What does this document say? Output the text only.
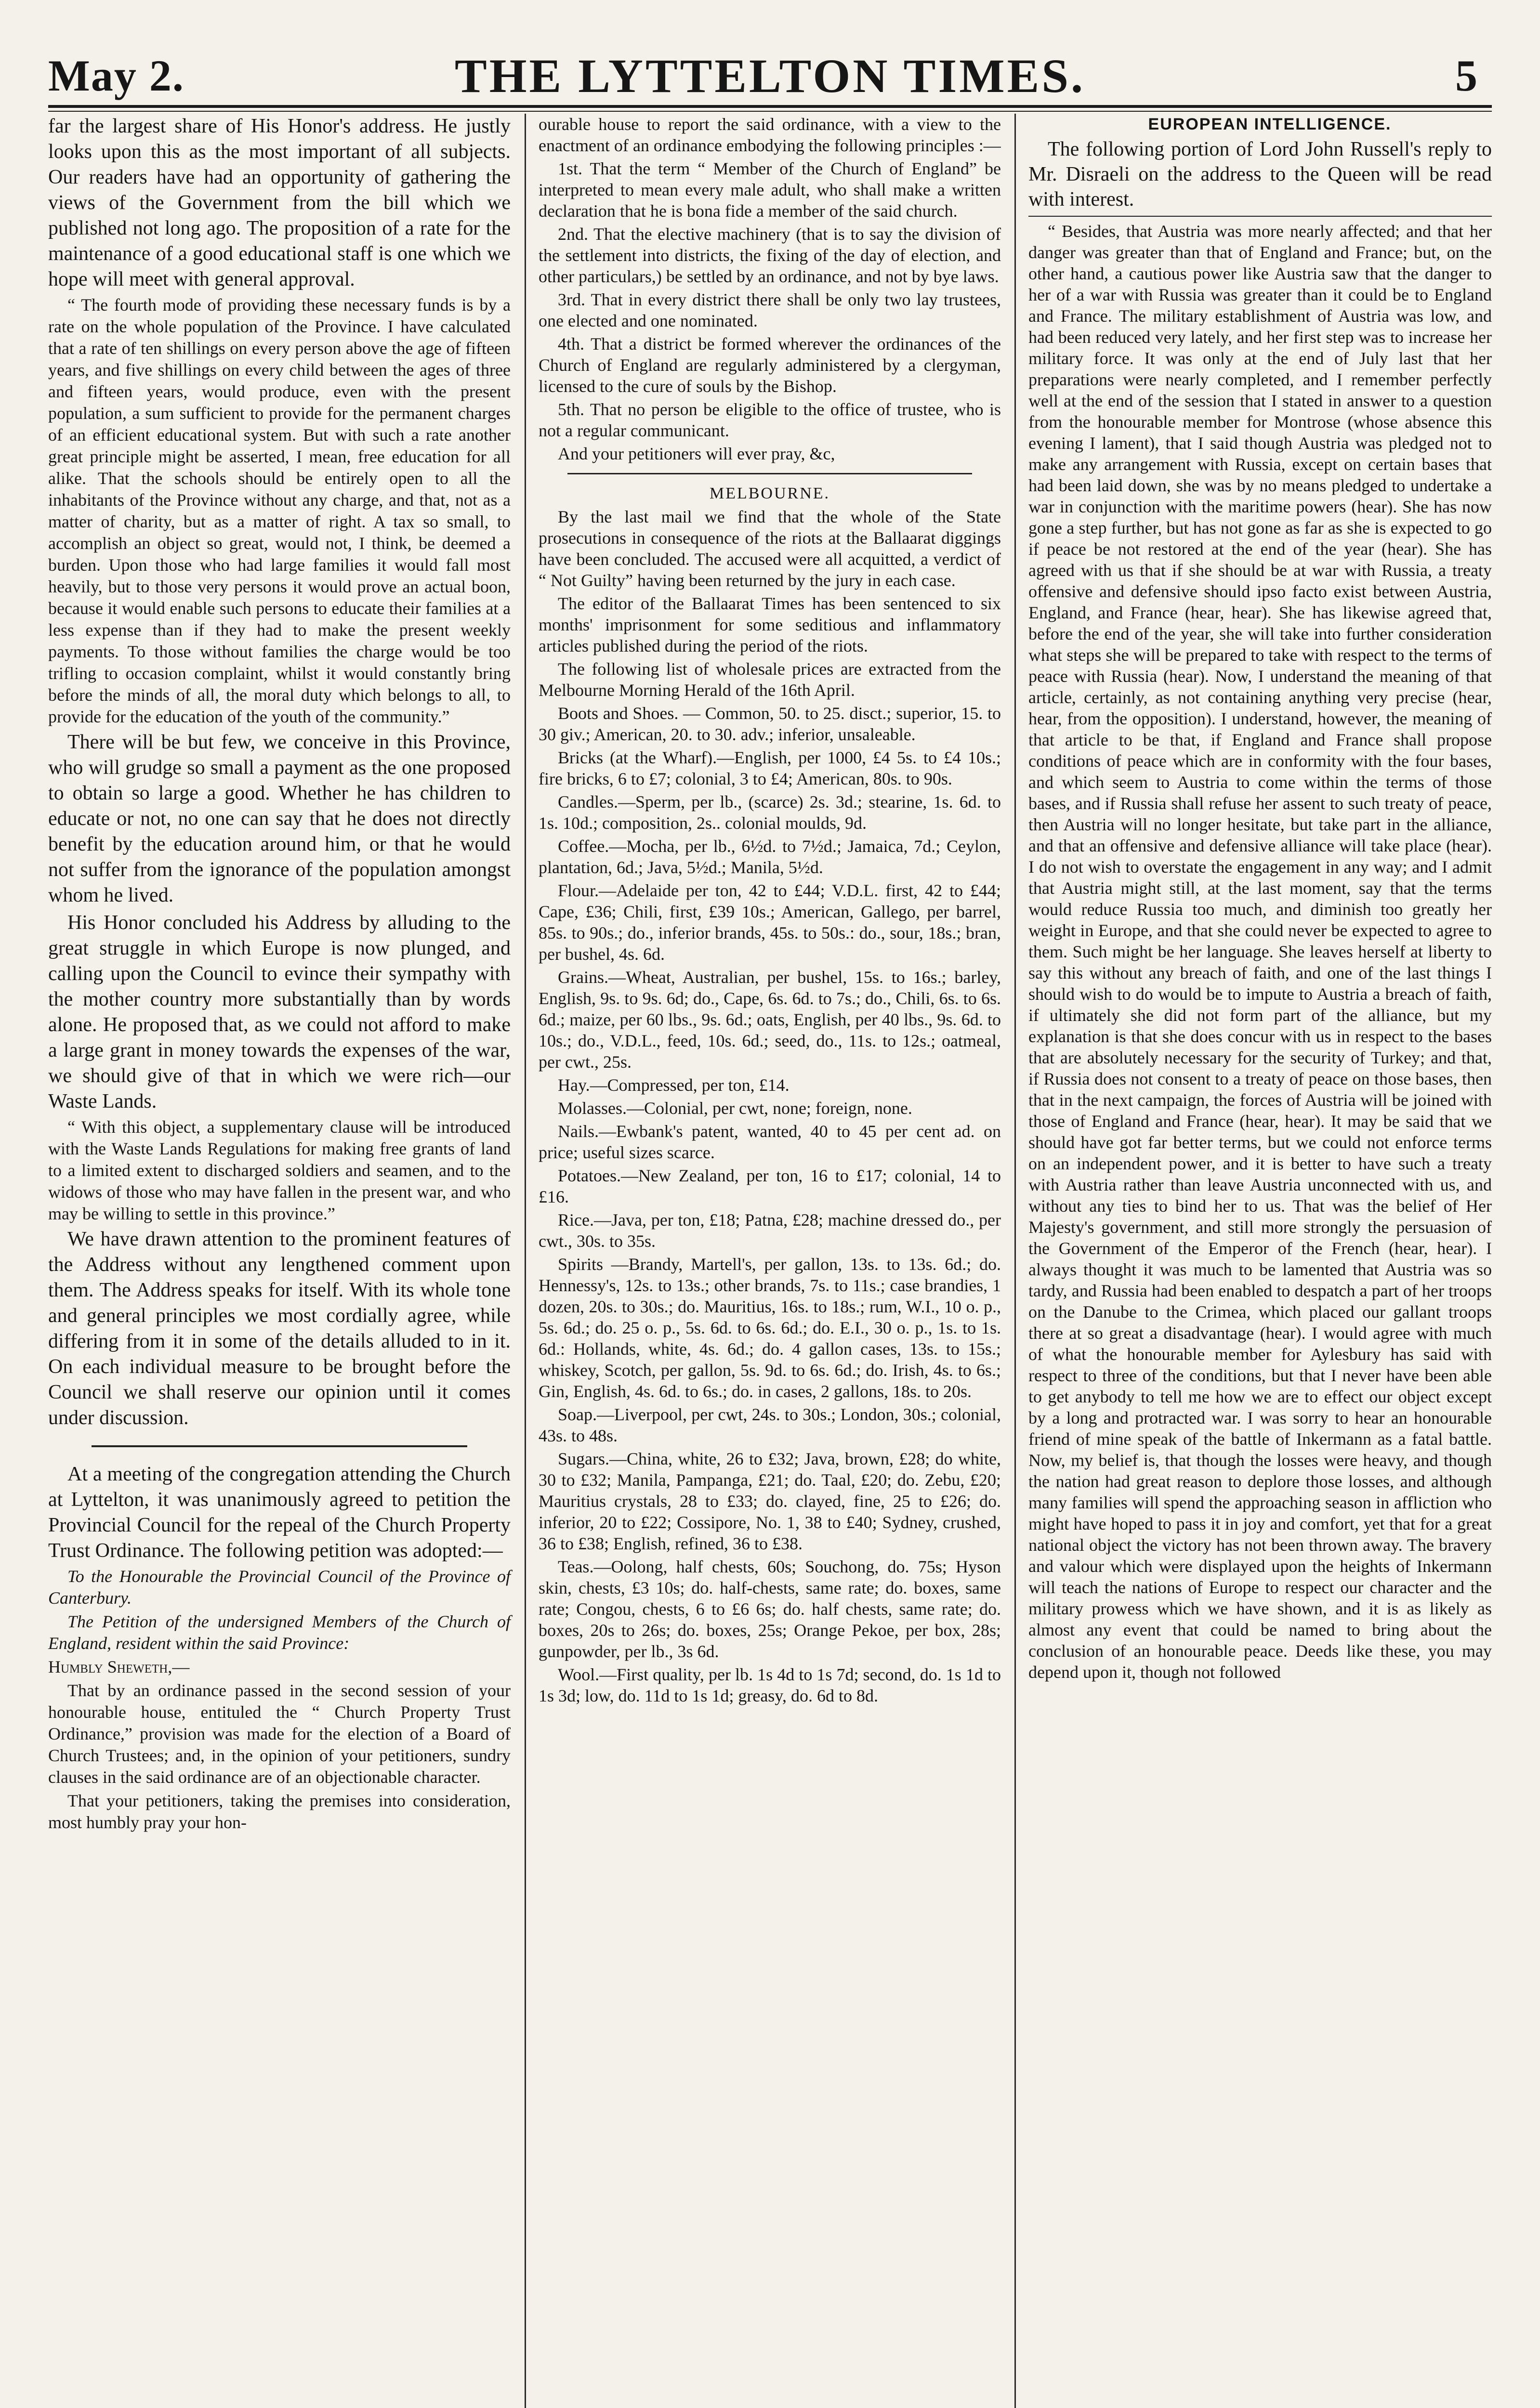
May 2.	THE LYTTELTON TIMES.	5

far the largest share of His Honor's address. He justly looks upon this as the most important of all subjects. Our readers have had an opportunity of gathering the views of the Government from the bill which we published not long ago. The proposition of a rate for the maintenance of a good educational staff is one which we hope will meet with general approval.

“ The fourth mode of providing these necessary funds is by a rate on the whole population of the Province. I have calculated that a rate of ten shillings on every person above the age of fifteen years, and five shillings on every child between the ages of three and fifteen years, would produce, even with the present population, a sum sufficient to provide for the permanent charges of an efficient educational system. But with such a rate another great principle might be asserted, I mean, free education for all alike. That the schools should be entirely open to all the inhabitants of the Province without any charge, and that, not as a matter of charity, but as a matter of right. A tax so small, to accomplish an object so great, would not, I think, be deemed a burden. Upon those who had large families it would fall most heavily, but to those very persons it would prove an actual boon, because it would enable such persons to educate their families at a less expense than if they had to make the present weekly payments. To those without families the charge would be too trifling to occasion complaint, whilst it would constantly bring before the minds of all, the moral duty which belongs to all, to provide for the education of the youth of the community.”

There will be but few, we conceive in this Province, who will grudge so small a payment as the one proposed to obtain so large a good. Whether he has children to educate or not, no one can say that he does not directly benefit by the education around him, or that he would not suffer from the ignorance of the population amongst whom he lived.

His Honor concluded his Address by alluding to the great struggle in which Europe is now plunged, and calling upon the Council to evince their sympathy with the mother country more substantially than by words alone. He proposed that, as we could not afford to make a large grant in money towards the expenses of the war, we should give of that in which we were rich—our Waste Lands.

“ With this object, a supplementary clause will be introduced with the Waste Lands Regulations for making free grants of land to a limited extent to discharged soldiers and seamen, and to the widows of those who may have fallen in the present war, and who may be willing to settle in this province.”

We have drawn attention to the prominent features of the Address without any lengthened comment upon them. The Address speaks for itself. With its whole tone and general principles we most cordially agree, while differing from it in some of the details alluded to in it. On each individual measure to be brought before the Council we shall reserve our opinion until it comes under discussion.

At a meeting of the congregation attending the Church at Lyttelton, it was unanimously agreed to petition the Provincial Council for the repeal of the Church Property Trust Ordinance. The following petition was adopted:—

To the Honourable the Provincial Council of the Province of Canterbury.

The Petition of the undersigned Members of the Church of England, resident within the said Province:

Humbly Sheweth,—

That by an ordinance passed in the second session of your honourable house, entituled the “ Church Property Trust Ordinance,” provision was made for the election of a Board of Church Trustees; and, in the opinion of your petitioners, sundry clauses in the said ordinance are of an objectionable character.

That your petitioners, taking the premises into consideration, most humbly pray your hon-

ourable house to report the said ordinance, with a view to the enactment of an ordinance embodying the following principles :—

1st. That the term “ Member of the Church of England” be interpreted to mean every male adult, who shall make a written declaration that he is bona fide a member of the said church.

2nd. That the elective machinery (that is to say the division of the settlement into districts, the fixing of the day of election, and other particulars,) be settled by an ordinance, and not by bye laws.

3rd. That in every district there shall be only two lay trustees, one elected and one nominated.

4th. That a district be formed wherever the ordinances of the Church of England are regularly administered by a clergyman, licensed to the cure of souls by the Bishop.

5th. That no person be eligible to the office of trustee, who is not a regular communicant.

And your petitioners will ever pray, &c,

MELBOURNE.

By the last mail we find that the whole of the State prosecutions in consequence of the riots at the Ballaarat diggings have been concluded. The accused were all acquitted, a verdict of “ Not Guilty” having been returned by the jury in each case.

The editor of the Ballaarat Times has been sentenced to six months' imprisonment for some seditious and inflammatory articles published during the period of the riots.

The following list of wholesale prices are extracted from the Melbourne Morning Herald of the 16th April.

Boots and Shoes. — Common, 50. to 25. disct.; superior, 15. to 30 giv.; American, 20. to 30. adv.; inferior, unsaleable.

Bricks (at the Wharf).—English, per 1000, £4 5s. to £4 10s.; fire bricks, 6 to £7; colonial, 3 to £4; American, 80s. to 90s.

Candles.—Sperm, per lb., (scarce) 2s. 3d.; stearine, 1s. 6d. to 1s. 10d.; composition, 2s.. colonial moulds, 9d.

Coffee.—Mocha, per lb., 6½d. to 7½d.; Jamaica, 7d.; Ceylon, plantation, 6d.; Java, 5½d.; Manila, 5½d.

Flour.—Adelaide per ton, 42 to £44; V.D.L. first, 42 to £44; Cape, £36; Chili, first, £39 10s.; American, Gallego, per barrel, 85s. to 90s.; do., inferior brands, 45s. to 50s.: do., sour, 18s.; bran, per bushel, 4s. 6d.

Grains.—Wheat, Australian, per bushel, 15s. to 16s.; barley, English, 9s. to 9s. 6d; do., Cape, 6s. 6d. to 7s.; do., Chili, 6s. to 6s. 6d.; maize, per 60 lbs., 9s. 6d.; oats, English, per 40 lbs., 9s. 6d. to 10s.; do., V.D.L., feed, 10s. 6d.; seed, do., 11s. to 12s.; oatmeal, per cwt., 25s.

Hay.—Compressed, per ton, £14.

Molasses.—Colonial, per cwt, none; foreign, none.

Nails.—Ewbank's patent, wanted, 40 to 45 per cent ad. on price; useful sizes scarce.

Potatoes.—New Zealand, per ton, 16 to £17; colonial, 14 to £16.

Rice.—Java, per ton, £18; Patna, £28; machine dressed do., per cwt., 30s. to 35s.

Spirits —Brandy, Martell's, per gallon, 13s. to 13s. 6d.; do. Hennessy's, 12s. to 13s.; other brands, 7s. to 11s.; case brandies, 1 dozen, 20s. to 30s.; do. Mauritius, 16s. to 18s.; rum, W.I., 10 o. p., 5s. 6d.; do. 25 o. p., 5s. 6d. to 6s. 6d.; do. E.I., 30 o. p., 1s. to 1s. 6d.: Hollands, white, 4s. 6d.; do. 4 gallon cases, 13s. to 15s.; whiskey, Scotch, per gallon, 5s. 9d. to 6s. 6d.; do. Irish, 4s. to 6s.; Gin, English, 4s. 6d. to 6s.; do. in cases, 2 gallons, 18s. to 20s.

Soap.—Liverpool, per cwt, 24s. to 30s.; London, 30s.; colonial, 43s. to 48s.

Sugars.—China, white, 26 to £32; Java, brown, £28; do white, 30 to £32; Manila, Pampanga, £21; do. Taal, £20; do. Zebu, £20; Mauritius crystals, 28 to £33; do. clayed, fine, 25 to £26; do. inferior, 20 to £22; Cossipore, No. 1, 38 to £40; Sydney, crushed, 36 to £38; English, refined, 36 to £38.

Teas.—Oolong, half chests, 60s; Souchong, do. 75s; Hyson skin, chests, £3 10s; do. half-chests, same rate; do. boxes, same rate; Congou, chests, 6 to £6 6s; do. half chests, same rate; do. boxes, 20s to 26s; do. boxes, 25s; Orange Pekoe, per box, 28s; gunpowder, per lb., 3s 6d.

Wool.—First quality, per lb. 1s 4d to 1s 7d; second, do. 1s 1d to 1s 3d; low, do. 11d to 1s 1d; greasy, do. 6d to 8d.

EUROPEAN INTELLIGENCE.

The following portion of Lord John Russell's reply to Mr. Disraeli on the address to the Queen will be read with interest.

“ Besides, that Austria was more nearly affected; and that her danger was greater than that of England and France; but, on the other hand, a cautious power like Austria saw that the danger to her of a war with Russia was greater than it could be to England and France. The military establishment of Austria was low, and had been reduced very lately, and her first step was to increase her military force. It was only at the end of July last that her preparations were nearly completed, and I remember perfectly well at the end of the session that I stated in answer to a question from the honourable member for Montrose (whose absence this evening I lament), that I said though Austria was pledged not to make any arrangement with Russia, except on certain bases that had been laid down, she was by no means pledged to undertake a war in conjunction with the maritime powers (hear). She has now gone a step further, but has not gone as far as she is expected to go if peace be not restored at the end of the year (hear). She has agreed with us that if she should be at war with Russia, a treaty offensive and defensive should ipso facto exist between Austria, England, and France (hear, hear). She has likewise agreed that, before the end of the year, she will take into further consideration what steps she will be prepared to take with respect to the terms of peace with Russia (hear). Now, I understand the meaning of that article, certainly, as not containing anything very precise (hear, hear, from the opposition). I understand, however, the meaning of that article to be that, if England and France shall propose conditions of peace which are in conformity with the four bases, and which seem to Austria to come within the terms of those bases, and if Russia shall refuse her assent to such treaty of peace, then Austria will no longer hesitate, but take part in the alliance, and that an offensive and defensive alliance will take place (hear). I do not wish to overstate the engagement in any way; and I admit that Austria might still, at the last moment, say that the terms would reduce Russia too much, and diminish too greatly her weight in Europe, and that she could never be expected to agree to them. Such might be her language. She leaves herself at liberty to say this without any breach of faith, and one of the last things I should wish to do would be to impute to Austria a breach of faith, if ultimately she did not form part of the alliance, but my explanation is that she does concur with us in respect to the bases that are absolutely necessary for the security of Turkey; and that, if Russia does not consent to a treaty of peace on those bases, then that in the next campaign, the forces of Austria will be joined with those of England and France (hear, hear). It may be said that we should have got far better terms, but we could not enforce terms on an independent power, and it is better to have such a treaty with Austria rather than leave Austria unconnected with us, and without any ties to bind her to us. That was the belief of Her Majesty's government, and still more strongly the persuasion of the Government of the Emperor of the French (hear, hear). I always thought it was much to be lamented that Austria was so tardy, and Russia had been enabled to despatch a part of her troops on the Danube to the Crimea, which placed our gallant troops there at so great a disadvantage (hear). I would agree with much of what the honourable member for Aylesbury has said with respect to three of the conditions, but that I never have been able to get anybody to tell me how we are to effect our object except by a long and protracted war. I was sorry to hear an honourable friend of mine speak of the battle of Inkermann as a fatal battle. Now, my belief is, that though the losses were heavy, and though the nation had great reason to deplore those losses, and although many families will spend the approaching season in affliction who might have hoped to pass it in joy and comfort, yet that for a great national object the victory has not been thrown away. The bravery and valour which were displayed upon the heights of Inkermann will teach the nations of Europe to respect our character and the military prowess which we have shown, and it is as likely as almost any event that could be named to bring about the conclusion of an honourable peace. Deeds like these, you may depend upon it, though not followed
